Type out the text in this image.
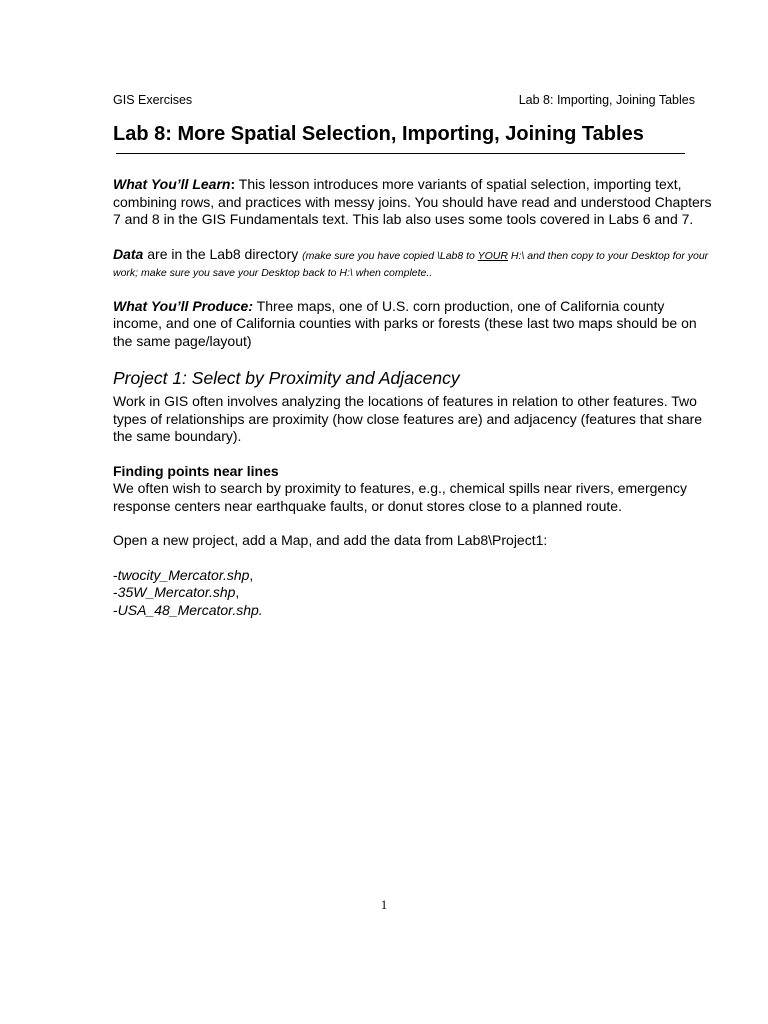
GIS Exercises	Lab 8: Importing, Joining Tables
Lab 8: More Spatial Selection, Importing, Joining Tables

What You’ll Learn: This lesson introduces more variants of spatial selection, importing text, combining rows, and practices with messy joins. You should have read and understood Chapters 7 and 8 in the GIS Fundamentals text. This lab also uses some tools covered in Labs 6 and 7.

Data are in the Lab8 directory (make sure you have copied \Lab8 to YOUR H:\ and then copy to your Desktop for your work; make sure you save your Desktop back to H:\ when complete..

What You’ll Produce: Three maps, one of U.S. corn production, one of California county income, and one of California counties with parks or forests (these last two maps should be on the same page/layout)

Project 1: Select by Proximity and Adjacency

Work in GIS often involves analyzing the locations of features in relation to other features. Two types of relationships are proximity (how close features are) and adjacency (features that share the same boundary).

Finding points near lines

We often wish to search by proximity to features, e.g., chemical spills near rivers, emergency response centers near earthquake faults, or donut stores close to a planned route.

Open a new project, add a Map, and add the data from Lab8\Project1:

-twocity_Mercator.shp,
-35W_Mercator.shp,
-USA_48_Mercator.shp.
1
